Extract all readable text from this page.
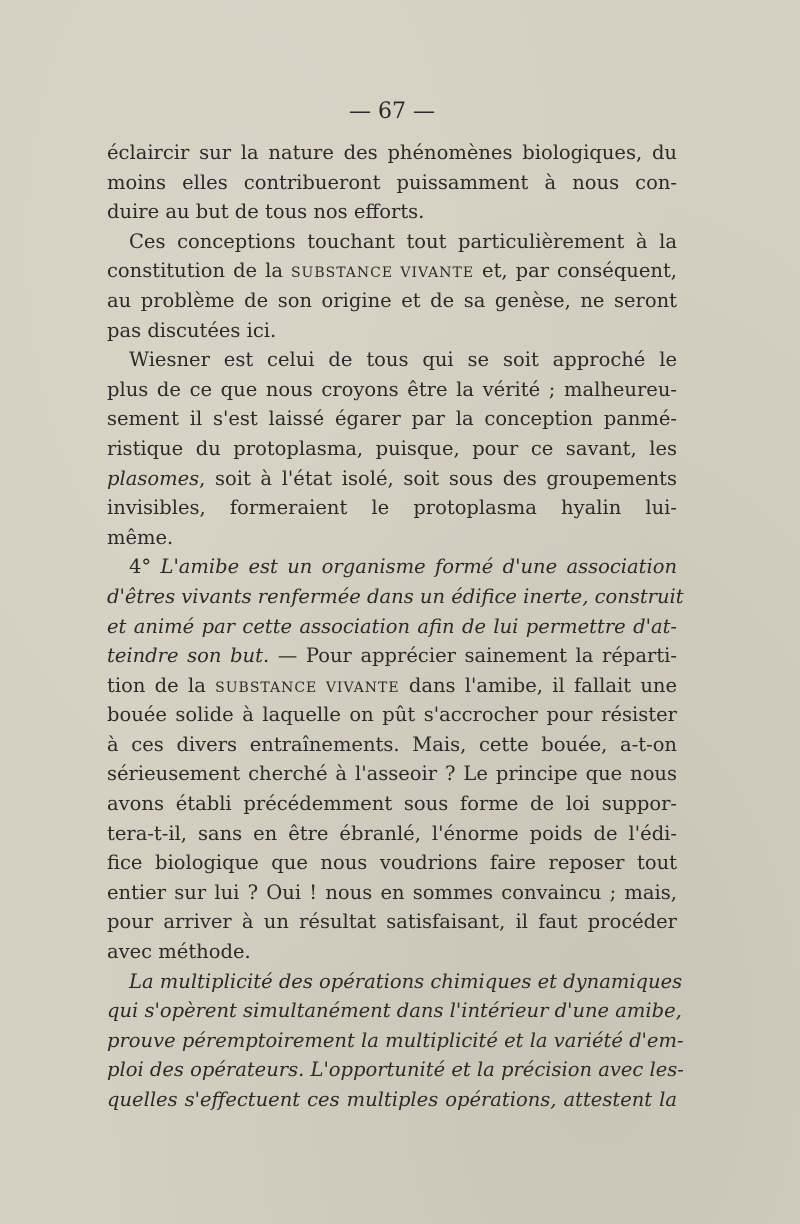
— 67 —
éclaircir sur la nature des phénomènes biologiques, du
moins elles contribueront puissamment à nous con-
duire au but de tous nos efforts.
Ces conceptions touchant tout particulièrement à la
constitution de la SUBSTANCE VIVANTE et, par conséquent,
au problème de son origine et de sa genèse, ne seront
pas discutées ici.
Wiesner est celui de tous qui se soit approché le
plus de ce que nous croyons être la vérité ; malheureu-
sement il s'est laissé égarer par la conception panmé-
ristique du protoplasma, puisque, pour ce savant, les
plasomes, soit à l'état isolé, soit sous des groupements
invisibles, formeraient le protoplasma hyalin lui-
même.
4° L'amibe est un organisme formé d'une association
d'êtres vivants renfermée dans un édifice inerte, construit
et animé par cette association afin de lui permettre d'at-
teindre son but. — Pour apprécier sainement la réparti-
tion de la SUBSTANCE VIVANTE dans l'amibe, il fallait une
bouée solide à laquelle on pût s'accrocher pour résister
à ces divers entraînements. Mais, cette bouée, a-t-on
sérieusement cherché à l'asseoir ? Le principe que nous
avons établi précédemment sous forme de loi suppor-
tera-t-il, sans en être ébranlé, l'énorme poids de l'édi-
fice biologique que nous voudrions faire reposer tout
entier sur lui ? Oui ! nous en sommes convaincu ; mais,
pour arriver à un résultat satisfaisant, il faut procéder
avec méthode.
La multiplicité des opérations chimiques et dynamiques
qui s'opèrent simultanément dans l'intérieur d'une amibe,
prouve péremptoirement la multiplicité et la variété d'em-
ploi des opérateurs. L'opportunité et la précision avec les-
quelles s'effectuent ces multiples opérations, attestent la
